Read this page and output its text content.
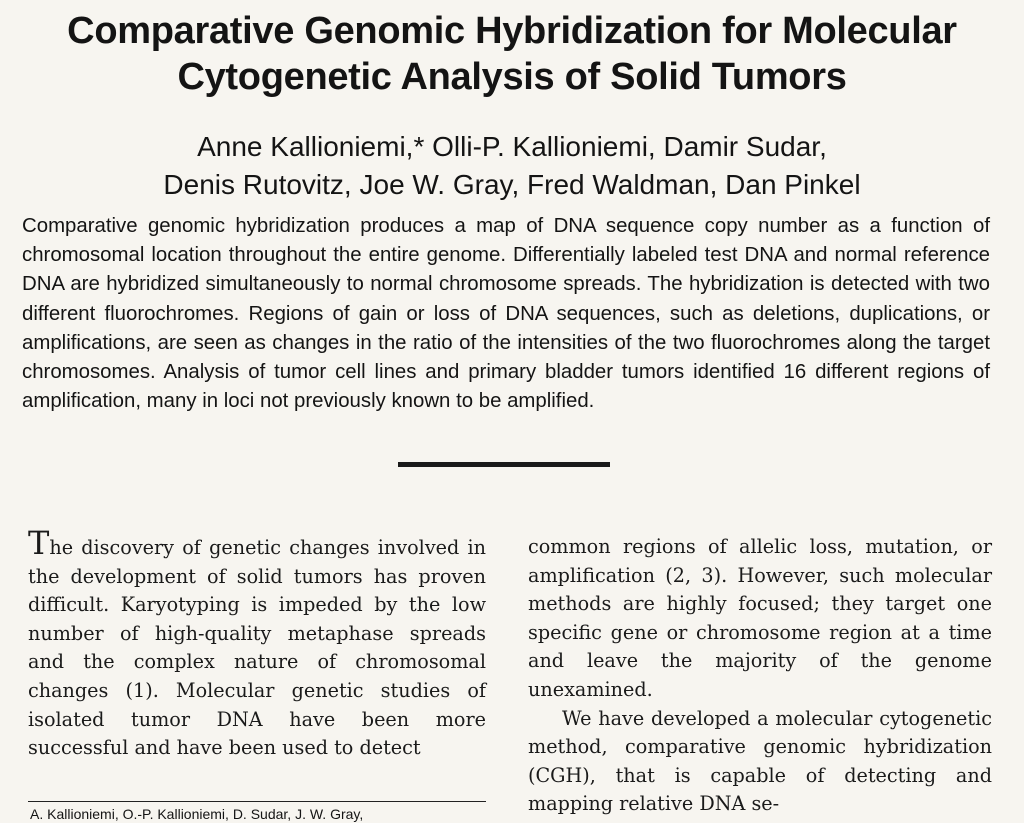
Comparative Genomic Hybridization for Molecular
Cytogenetic Analysis of Solid Tumors
Anne Kallioniemi,* Olli-P. Kallioniemi, Damir Sudar,
Denis Rutovitz, Joe W. Gray, Fred Waldman, Dan Pinkel
Comparative genomic hybridization produces a map of DNA sequence copy number as a function of chromosomal location throughout the entire genome. Differentially labeled test DNA and normal reference DNA are hybridized simultaneously to normal chromosome spreads. The hybridization is detected with two different fluorochromes. Regions of gain or loss of DNA sequences, such as deletions, duplications, or amplifications, are seen as changes in the ratio of the intensities of the two fluorochromes along the target chromosomes. Analysis of tumor cell lines and primary bladder tumors identified 16 different regions of amplification, many in loci not previously known to be amplified.

The discovery of genetic changes involved in the development of solid tumors has proven difficult. Karyotyping is impeded by the low number of high-quality metaphase spreads and the complex nature of chromosomal changes (1). Molecular genetic studies of isolated tumor DNA have been more successful and have been used to detect

common regions of allelic loss, mutation, or amplification (2, 3). However, such molecular methods are highly focused; they target one specific gene or chromosome region at a time and leave the majority of the genome unexamined.

We have developed a molecular cytogenetic method, comparative genomic hybridization (CGH), that is capable of detecting and mapping relative DNA se-

A. Kallioniemi, O.-P. Kallioniemi, D. Sudar, J. W. Gray,
